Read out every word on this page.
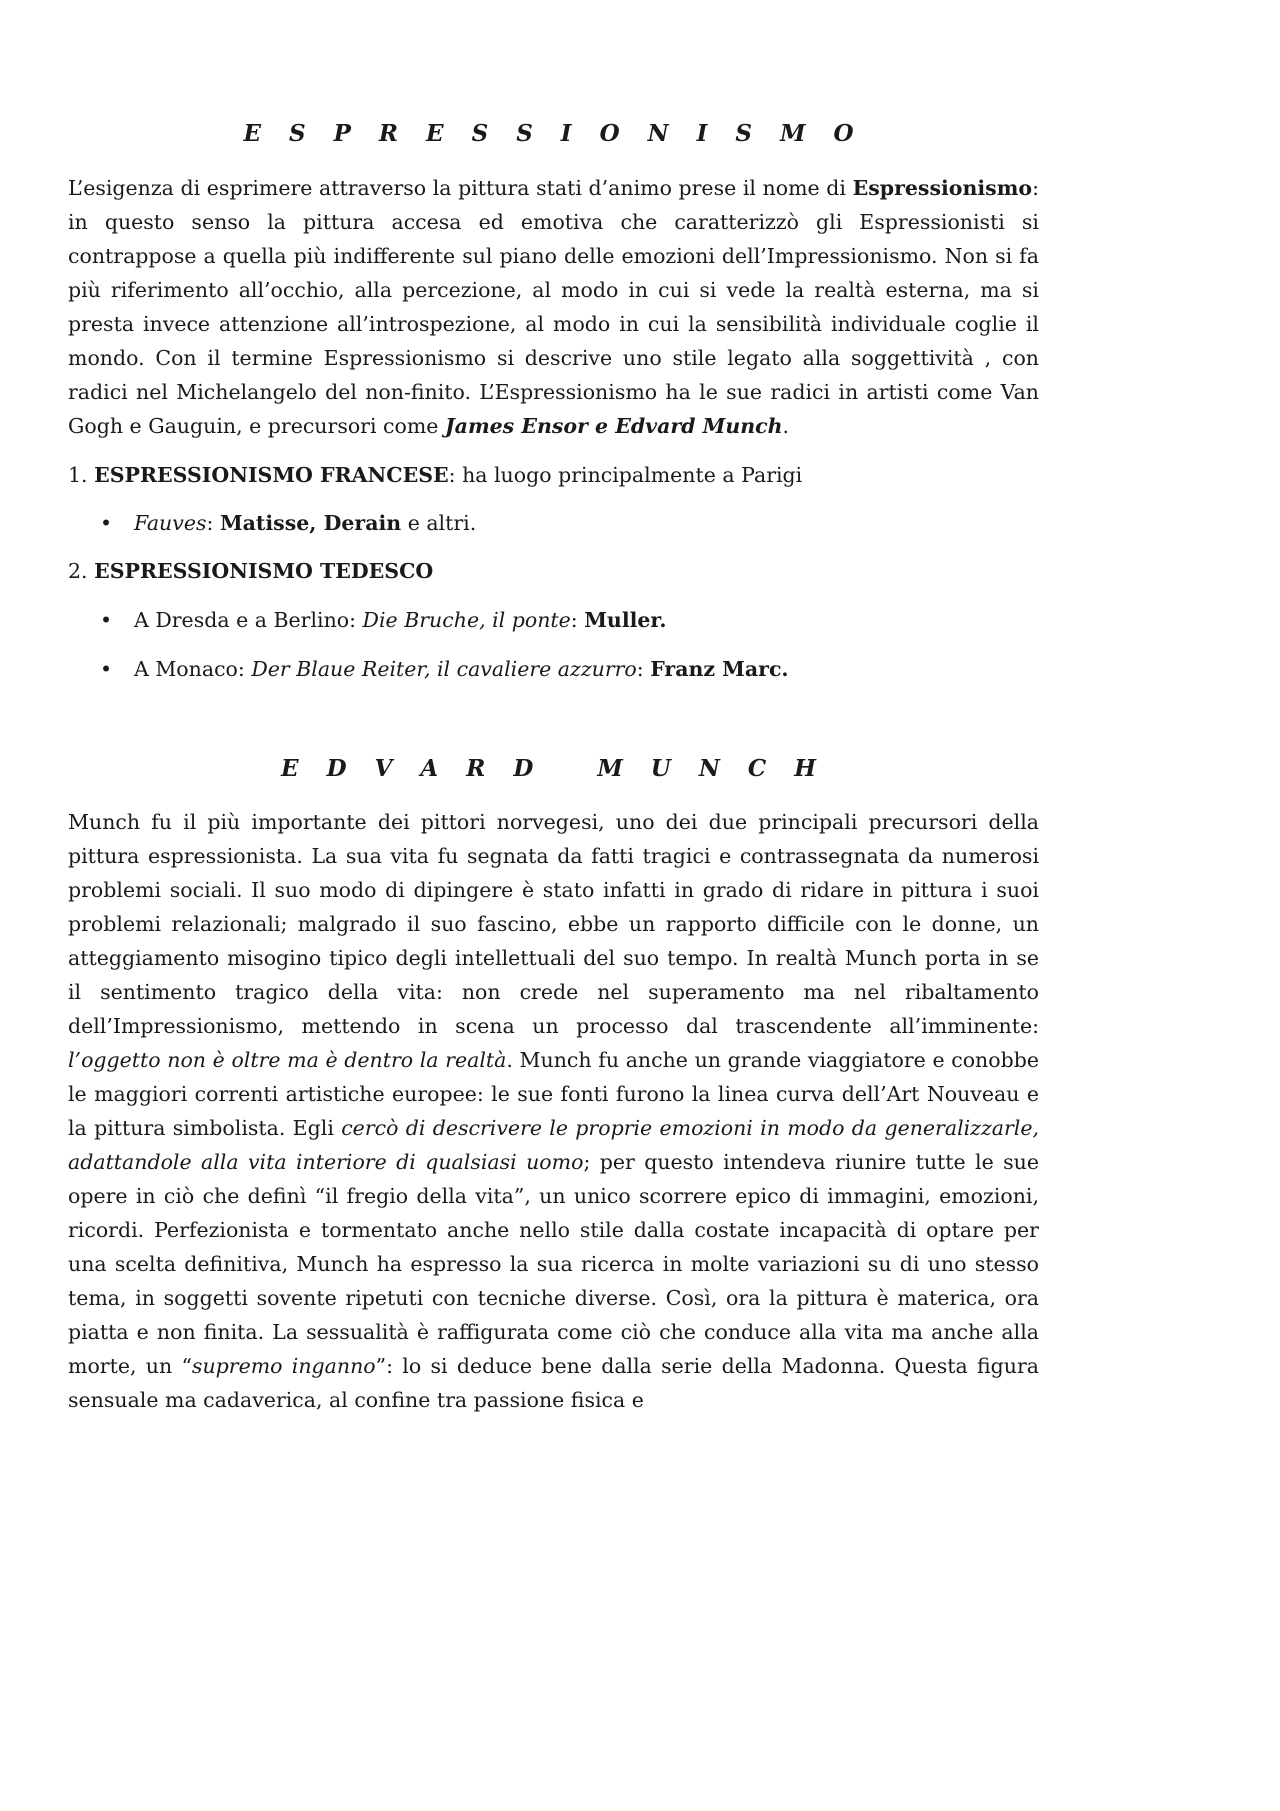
E S P R E S S I O N I S M O

L’esigenza di esprimere attraverso la pittura stati d’animo prese il nome di Espressionismo: in questo senso la pittura accesa ed emotiva che caratterizzò gli Espressionisti si contrappose a quella più indifferente sul piano delle emozioni dell’Impressionismo. Non si fa più riferimento all’occhio, alla percezione, al modo in cui si vede la realtà esterna, ma si presta invece attenzione all’introspezione, al modo in cui la sensibilità individuale coglie il mondo. Con il termine Espressionismo si descrive uno stile legato alla soggettività , con radici nel Michelangelo del non-finito. L’Espressionismo ha le sue radici in artisti come Van Gogh e Gauguin, e precursori come James Ensor e Edvard Munch.

1. ESPRESSIONISMO FRANCESE: ha luogo principalmente a Parigi

•	Fauves: Matisse, Derain e altri.

2. ESPRESSIONISMO TEDESCO

•	A Dresda e a Berlino: Die Bruche, il ponte: Muller.

•	A Monaco: Der Blaue Reiter, il cavaliere azzurro: Franz Marc.

E D V A R D   M U N C H

Munch fu il più importante dei pittori norvegesi, uno dei due principali precursori della pittura espressionista. La sua vita fu segnata da fatti tragici e contrassegnata da numerosi problemi sociali. Il suo modo di dipingere è stato infatti in grado di ridare in pittura i suoi problemi relazionali; malgrado il suo fascino, ebbe un rapporto difficile con le donne, un atteggiamento misogino tipico degli intellettuali del suo tempo. In realtà Munch porta in se il sentimento tragico della vita: non crede nel superamento ma nel ribaltamento dell’Impressionismo, mettendo in scena un processo dal trascendente all’imminente: l’oggetto non è oltre ma è dentro la realtà. Munch fu anche un grande viaggiatore e conobbe le maggiori correnti artistiche europee: le sue fonti furono la linea curva dell’Art Nouveau e la pittura simbolista. Egli cercò di descrivere le proprie emozioni in modo da generalizzarle, adattandole alla vita interiore di qualsiasi uomo; per questo intendeva riunire tutte le sue opere in ciò che definì “il fregio della vita”, un unico scorrere epico di immagini, emozioni, ricordi. Perfezionista e tormentato anche nello stile dalla costate incapacità di optare per una scelta definitiva, Munch ha espresso la sua ricerca in molte variazioni su di uno stesso tema, in soggetti sovente ripetuti con tecniche diverse. Così, ora la pittura è materica, ora piatta e non finita. La sessualità è raffigurata come ciò che conduce alla vita ma anche alla morte, un “supremo inganno”: lo si deduce bene dalla serie della Madonna. Questa figura sensuale ma cadaverica, al confine tra passione fisica e
